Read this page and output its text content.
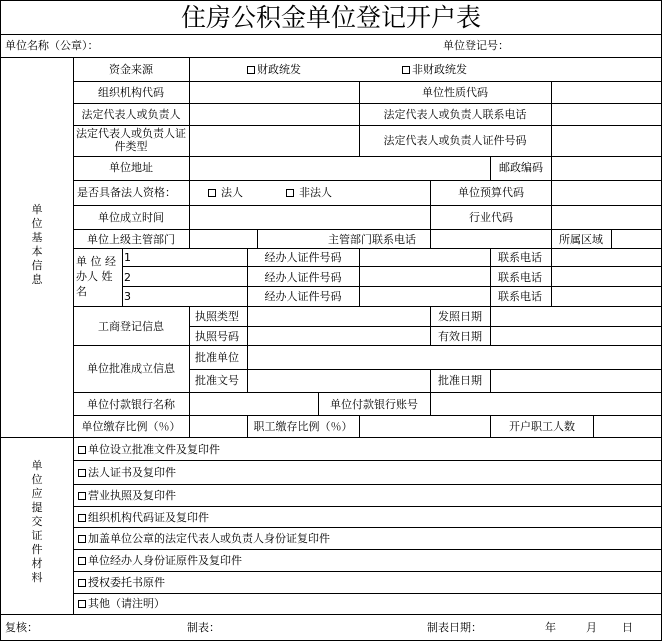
住房公积金单位登记开户表
单位名称（公章）：	单位登记号：
单位基本信息
单位应提交证件材料
资金来源	财政统发	非财政统发
组织机构代码	单位性质代码
法定代表人或负责人	法定代表人或负责人联系电话
法定代表人或负责人证件类型	法定代表人或负责人证件号码
单位地址	邮政编码
是否具备法人资格：	法人	非法人	单位预算代码
单位成立时间	行业代码
单位上级主管部门	主管部门联系电话	所属区域
单 位 经办人 姓 名
1	经办人证件号码	联系电话
2	经办人证件号码	联系电话
3	经办人证件号码	联系电话
工商登记信息
执照类型	发照日期
执照号码	有效日期
单位批准成立信息
批准单位
批准文号	批准日期
单位付款银行名称	单位付款银行账号
单位缴存比例（％）	职工缴存比例（％）	开户职工人数
单位设立批准文件及复印件
法人证书及复印件
营业执照及复印件
组织机构代码证及复印件
加盖单位公章的法定代表人或负责人身份证复印件
单位经办人身份证原件及复印件
授权委托书原件
其他（请注明）
复核：	制表：	制表日期：	年	月 日
